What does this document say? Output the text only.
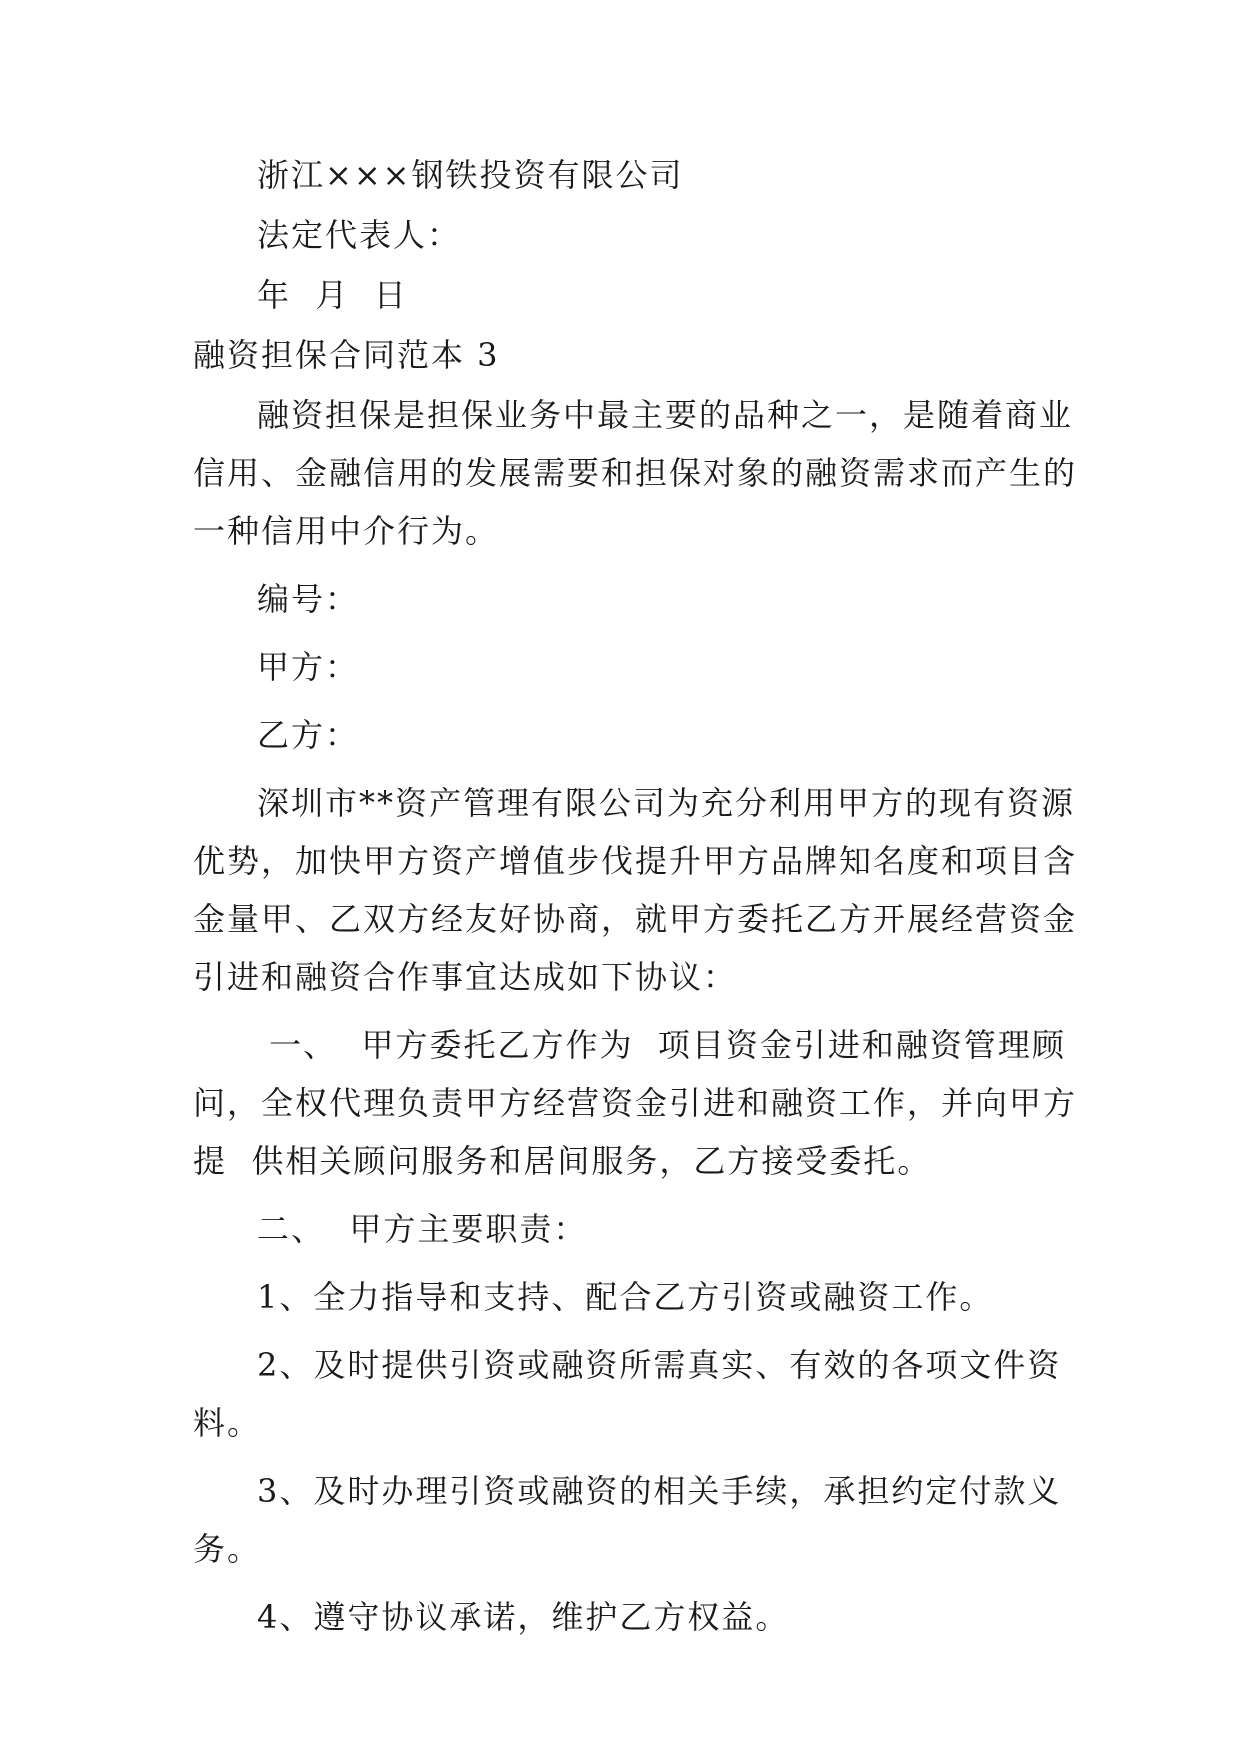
浙江×××钢铁投资有限公司

法定代表人：

年  月  日

融资担保合同范本 3

融资担保是担保业务中最主要的品种之一，是随着商业

信用、金融信用的发展需要和担保对象的融资需求而产生的

一种信用中介行为。

编号：

甲方：

乙方：

深圳市**资产管理有限公司为充分利用甲方的现有资源

优势，加快甲方资产增值步伐提升甲方品牌知名度和项目含

金量甲、乙双方经友好协商，就甲方委托乙方开展经营资金

引进和融资合作事宜达成如下协议：

一、  甲方委托乙方作为  项目资金引进和融资管理顾

问，全权代理负责甲方经营资金引进和融资工作，并向甲方

提  供相关顾问服务和居间服务，乙方接受委托。

二、  甲方主要职责：

1、全力指导和支持、配合乙方引资或融资工作。

2、及时提供引资或融资所需真实、有效的各项文件资

料。

3、及时办理引资或融资的相关手续，承担约定付款义

务。

4、遵守协议承诺，维护乙方权益。
